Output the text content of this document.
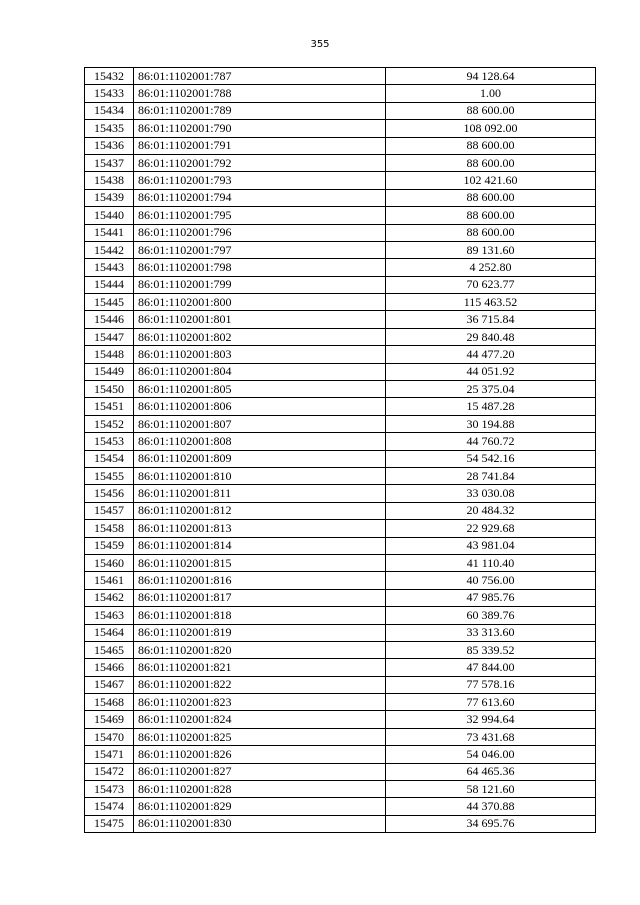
355
15432	86:01:1102001:787	94 128.64
15433	86:01:1102001:788	1.00
15434	86:01:1102001:789	88 600.00
15435	86:01:1102001:790	108 092.00
15436	86:01:1102001:791	88 600.00
15437	86:01:1102001:792	88 600.00
15438	86:01:1102001:793	102 421.60
15439	86:01:1102001:794	88 600.00
15440	86:01:1102001:795	88 600.00
15441	86:01:1102001:796	88 600.00
15442	86:01:1102001:797	89 131.60
15443	86:01:1102001:798	4 252.80
15444	86:01:1102001:799	70 623.77
15445	86:01:1102001:800	115 463.52
15446	86:01:1102001:801	36 715.84
15447	86:01:1102001:802	29 840.48
15448	86:01:1102001:803	44 477.20
15449	86:01:1102001:804	44 051.92
15450	86:01:1102001:805	25 375.04
15451	86:01:1102001:806	15 487.28
15452	86:01:1102001:807	30 194.88
15453	86:01:1102001:808	44 760.72
15454	86:01:1102001:809	54 542.16
15455	86:01:1102001:810	28 741.84
15456	86:01:1102001:811	33 030.08
15457	86:01:1102001:812	20 484.32
15458	86:01:1102001:813	22 929.68
15459	86:01:1102001:814	43 981.04
15460	86:01:1102001:815	41 110.40
15461	86:01:1102001:816	40 756.00
15462	86:01:1102001:817	47 985.76
15463	86:01:1102001:818	60 389.76
15464	86:01:1102001:819	33 313.60
15465	86:01:1102001:820	85 339.52
15466	86:01:1102001:821	47 844.00
15467	86:01:1102001:822	77 578.16
15468	86:01:1102001:823	77 613.60
15469	86:01:1102001:824	32 994.64
15470	86:01:1102001:825	73 431.68
15471	86:01:1102001:826	54 046.00
15472	86:01:1102001:827	64 465.36
15473	86:01:1102001:828	58 121.60
15474	86:01:1102001:829	44 370.88
15475	86:01:1102001:830	34 695.76
